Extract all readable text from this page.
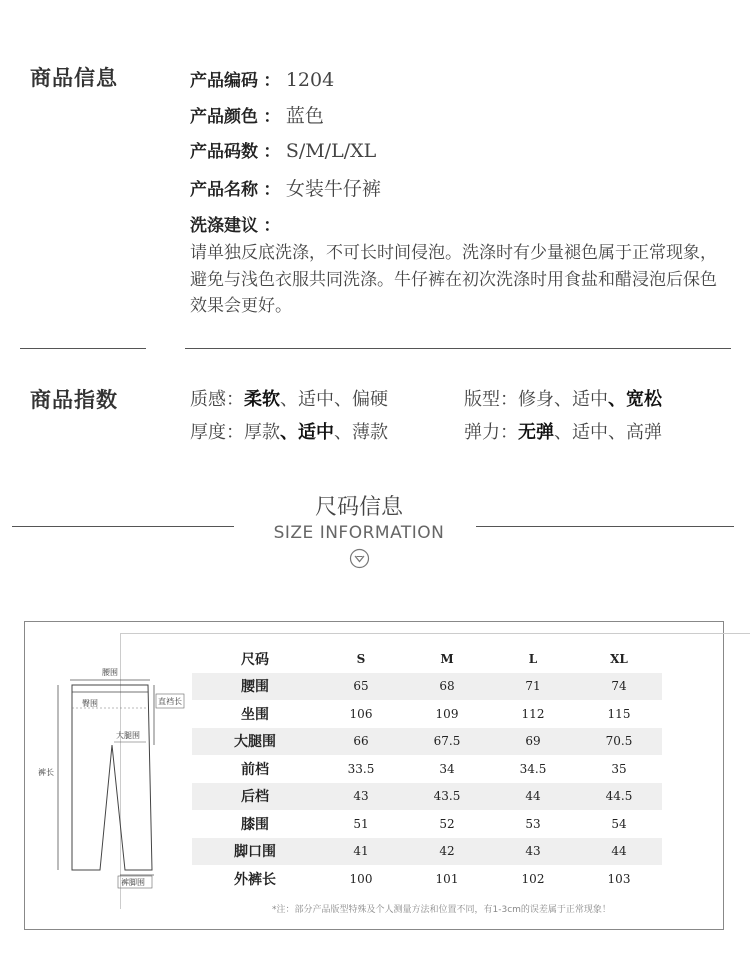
商品信息	产品编码 ： 1204
产品颜色 ： 蓝色
产品码数 ： S/M/L/XL
产品名称 ： 女装牛仔裤
洗涤建议 ：
请单独反底洗涤，不可长时间侵泡。洗涤时有少量褪色属于正常现象，避免与浅色衣服共同洗涤。牛仔裤在初次洗涤时用食盐和醋浸泡后保色效果会更好。
商品指数	质感：柔软、适中、偏硬	版型：修身、适中、宽松
厚度：厚款、适中、薄款	弹力：无弹、适中、高弹
尺码信息
SIZE INFORMATION
腰围
臀围	直裆长
大腿围
裤长
裤脚围
尺码	S	M	L	XL
腰围	65	68	71	74
坐围	106	109	112	115
大腿围	66	67.5	69	70.5
前档	33.5	34	34.5	35
后档	43	43.5	44	44.5
膝围	51	52	53	54
脚口围	41	42	43	44
外裤长	100	101	102	103
*注：部分产品版型特殊及个人测量方法和位置不同，有1-3cm的误差属于正常现象！
